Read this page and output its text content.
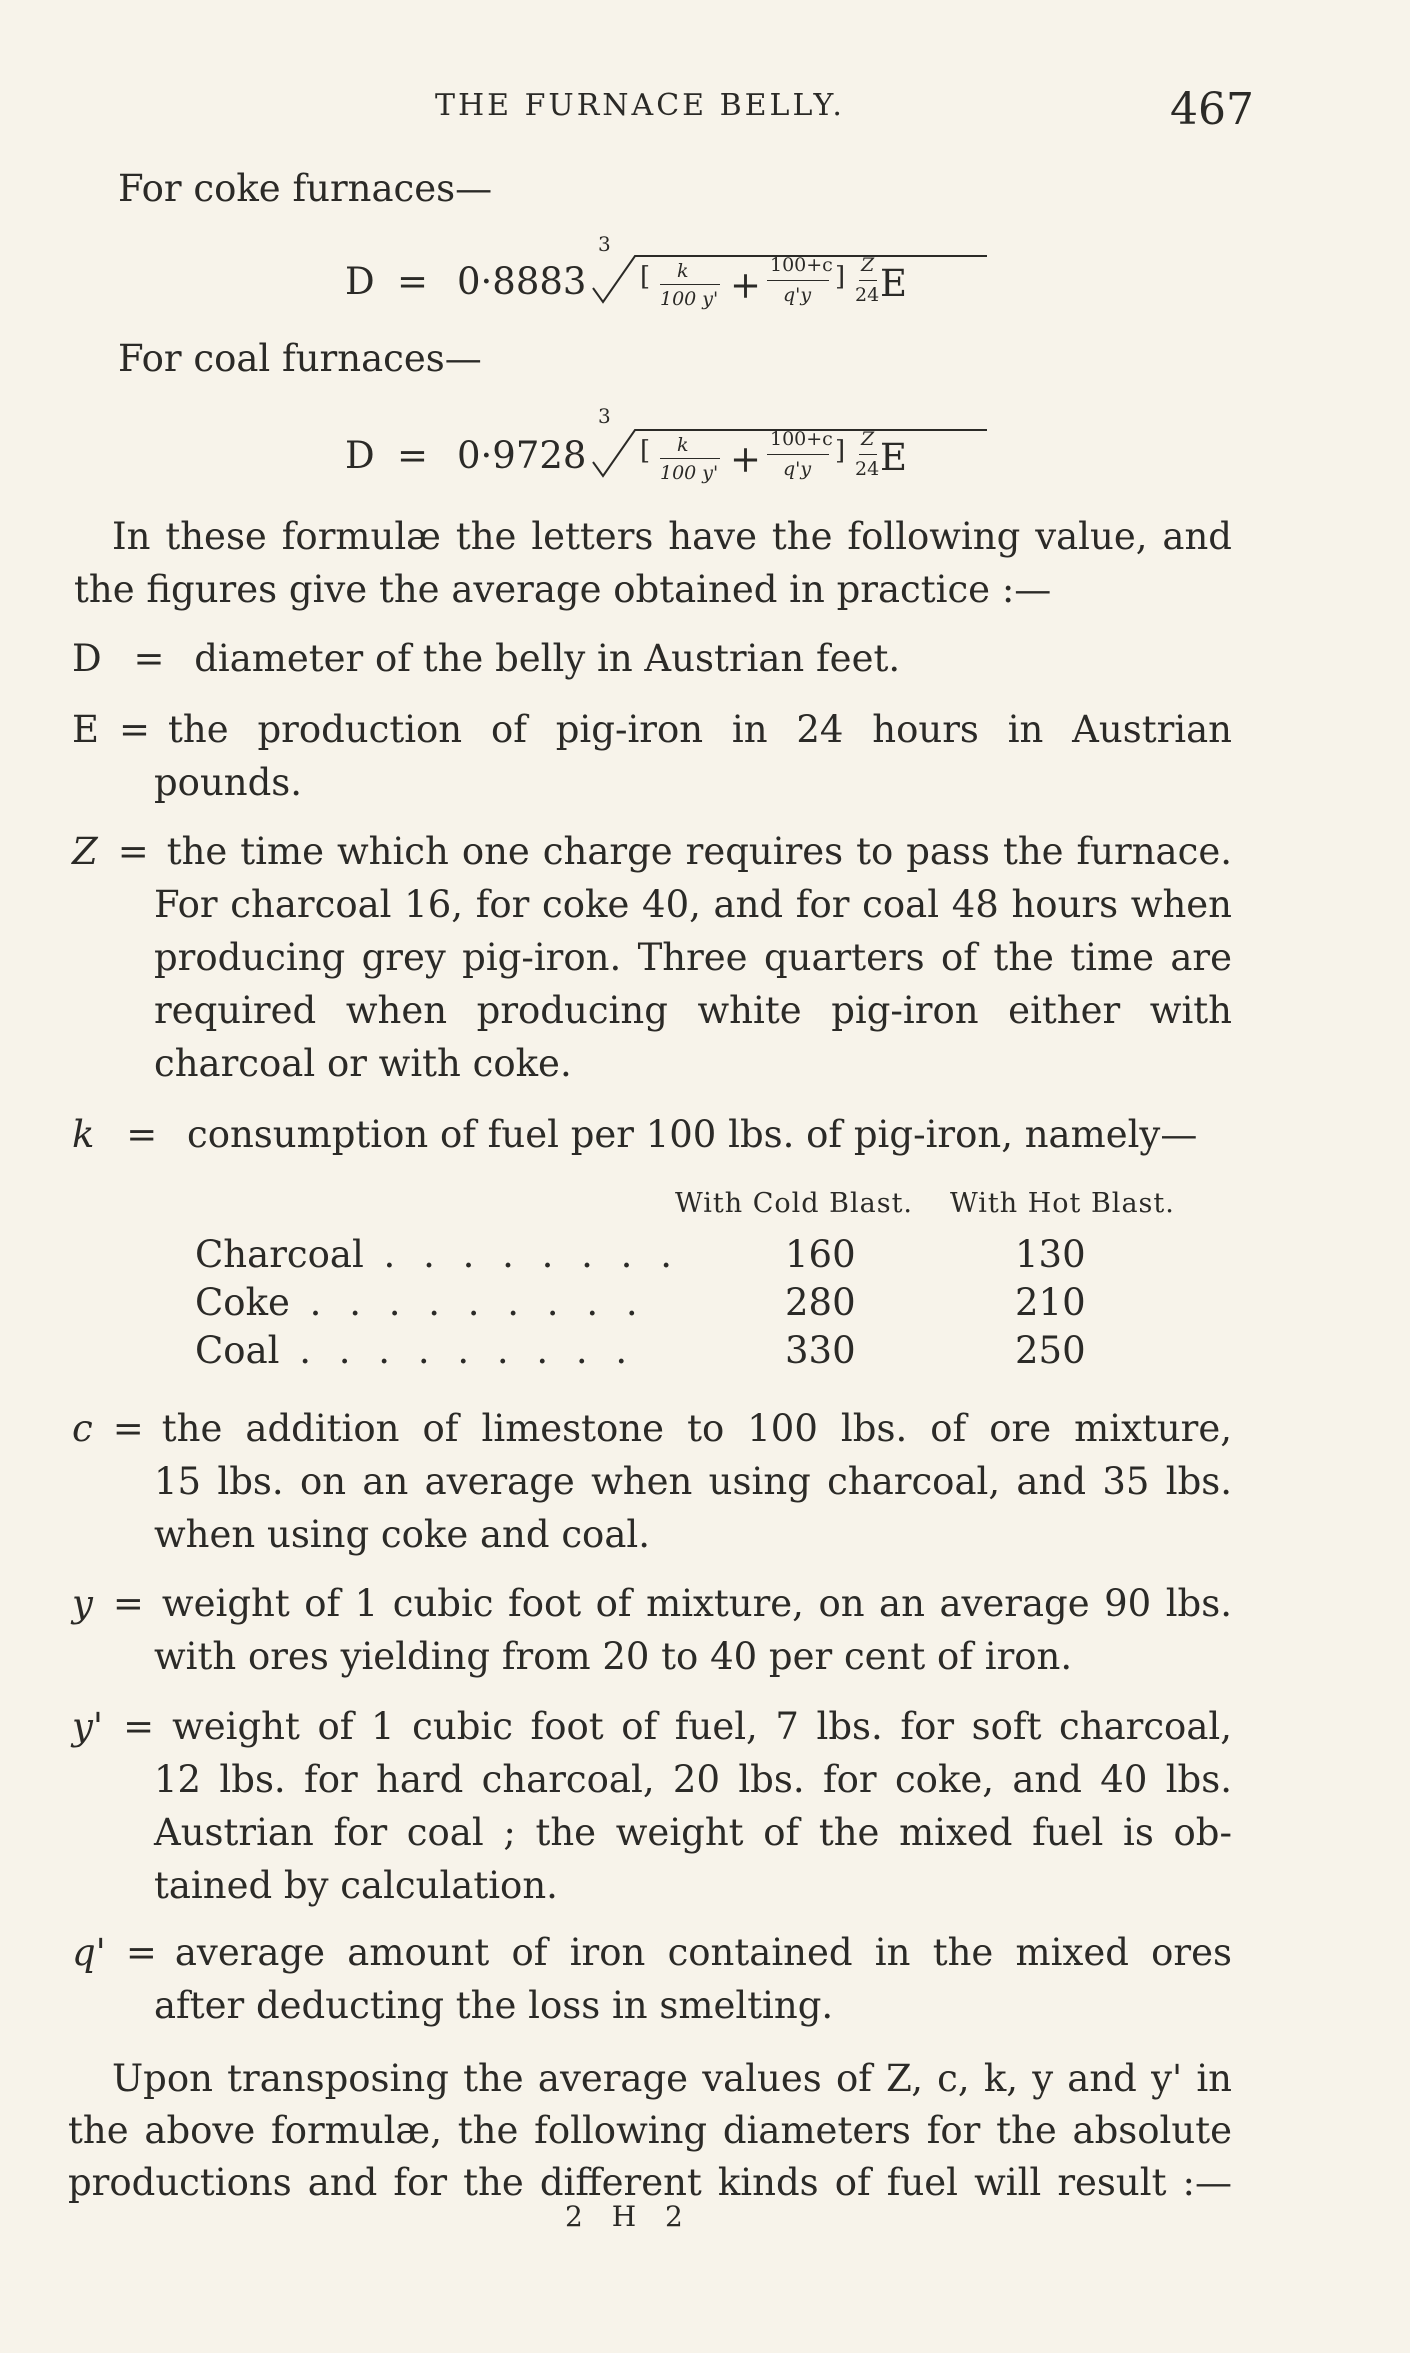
THE FURNACE BELLY.	467
For coke furnaces—
D = 0·8883
3
[ k
100 y' + 100+c
q'y
] Z
24 E
For coal furnaces—
D = 0·9728
3
[ k
100 y' + 100+c
q'y
] Z
24 E
In these formulæ the letters have the following value, and
the figures give the average obtained in practice :—
D = diameter of the belly in Austrian feet.
E = the production of pig-iron in 24 hours in Austrian
pounds.
Z = the time which one charge requires to pass the furnace.
For charcoal 16, for coke 40, and for coal 48 hours when
producing grey pig-iron. Three quarters of the time are
required when producing white pig-iron either with
charcoal or with coke.
k = consumption of fuel per 100 lbs. of pig-iron, namely—
With Cold Blast. With Hot Blast.
Charcoal . . . . . . . .	160	130
Coke . . . . . . . . .	280	210
Coal . . . . . . . . .	330	250
c = the addition of limestone to 100 lbs. of ore mixture,
15 lbs. on an average when using charcoal, and 35 lbs.
when using coke and coal.
y = weight of 1 cubic foot of mixture, on an average 90 lbs.
with ores yielding from 20 to 40 per cent of iron.
y' = weight of 1 cubic foot of fuel, 7 lbs. for soft charcoal,
12 lbs. for hard charcoal, 20 lbs. for coke, and 40 lbs.
Austrian for coal ; the weight of the mixed fuel is ob-
tained by calculation.
q' = average amount of iron contained in the mixed ores
after deducting the loss in smelting.
Upon transposing the average values of Z, c, k, y and y' in
the above formulæ, the following diameters for the absolute
productions and for the different kinds of fuel will result :—
2 H 2
